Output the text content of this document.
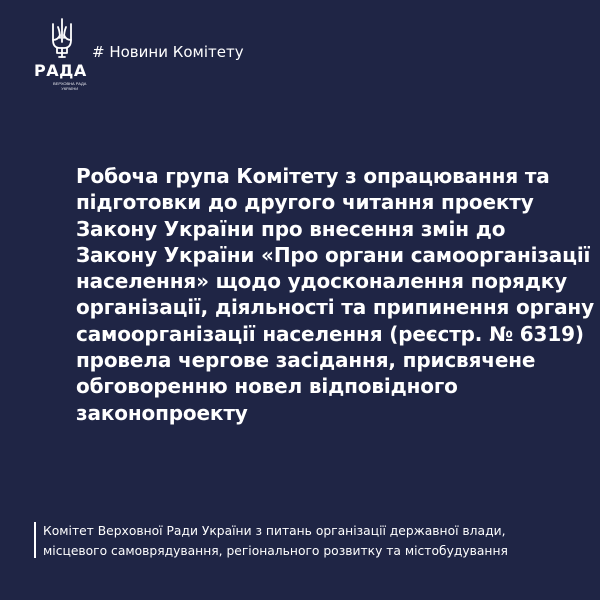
РАДА
ВЕРХОВНА РАДА
УКРАЇНИ
# Новини Комітету
Робоча група Комітету з опрацювання та
підготовки до другого читання проекту
Закону України про внесення змін до
Закону України «Про органи самоорганізації
населення» щодо удосконалення порядку
організації, діяльності та припинення органу
самоорганізації населення (реєстр. № 6319)
провела чергове засідання, присвячене
обговоренню новел відповідного
законопроекту
Комітет Верховної Ради України з питань організації державної влади,
місцевого самоврядування, регіонального розвитку та містобудування
